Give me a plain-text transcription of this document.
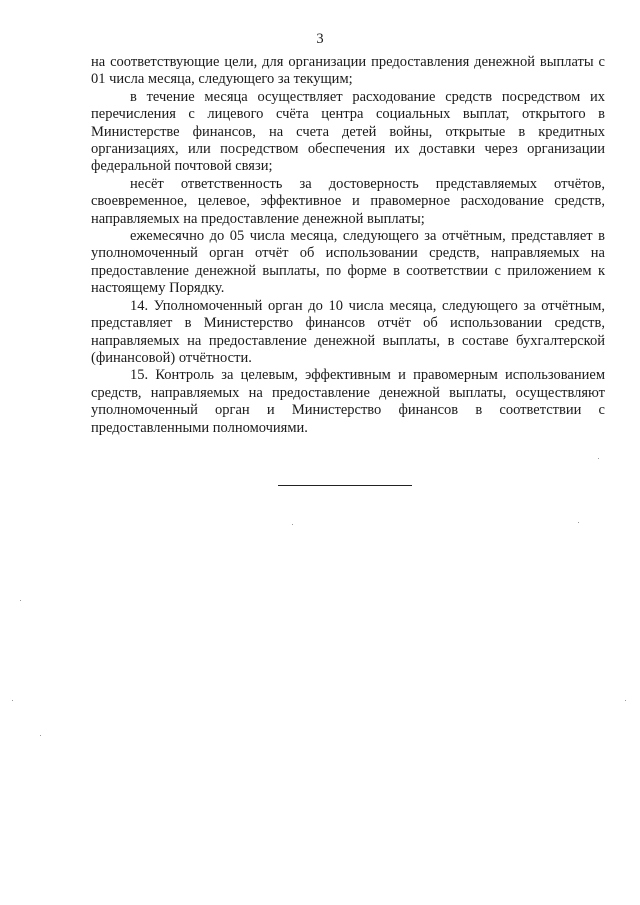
3

на соответствующие цели, для организации предоставления денежной выплаты с 01 числа месяца, следующего за текущим;

в течение месяца осуществляет расходование средств посредством их перечисления с лицевого счёта центра социальных выплат, открытого в Министерстве финансов, на счета детей войны, открытые в кредитных организациях, или посредством обеспечения их доставки через организации федеральной почтовой связи;

несёт ответственность за достоверность представляемых отчётов, своевременное, целевое, эффективное и правомерное расходование средств, направляемых на предоставление денежной выплаты;

ежемесячно до 05 числа месяца, следующего за отчётным, представляет в уполномоченный орган отчёт об использовании средств, направляемых на предоставление денежной выплаты, по форме в соответствии с приложением к настоящему Порядку.

14. Уполномоченный орган до 10 числа месяца, следующего за отчётным, представляет в Министерство финансов отчёт об использовании средств, направляемых на предоставление денежной выплаты, в составе бухгалтерской (финансовой) отчётности.

15. Контроль за целевым, эффективным и правомерным использованием средств, направляемых на предоставление денежной выплаты, осуществляют уполномоченный орган и Министерство финансов в соответствии с предоставленными полномочиями.
